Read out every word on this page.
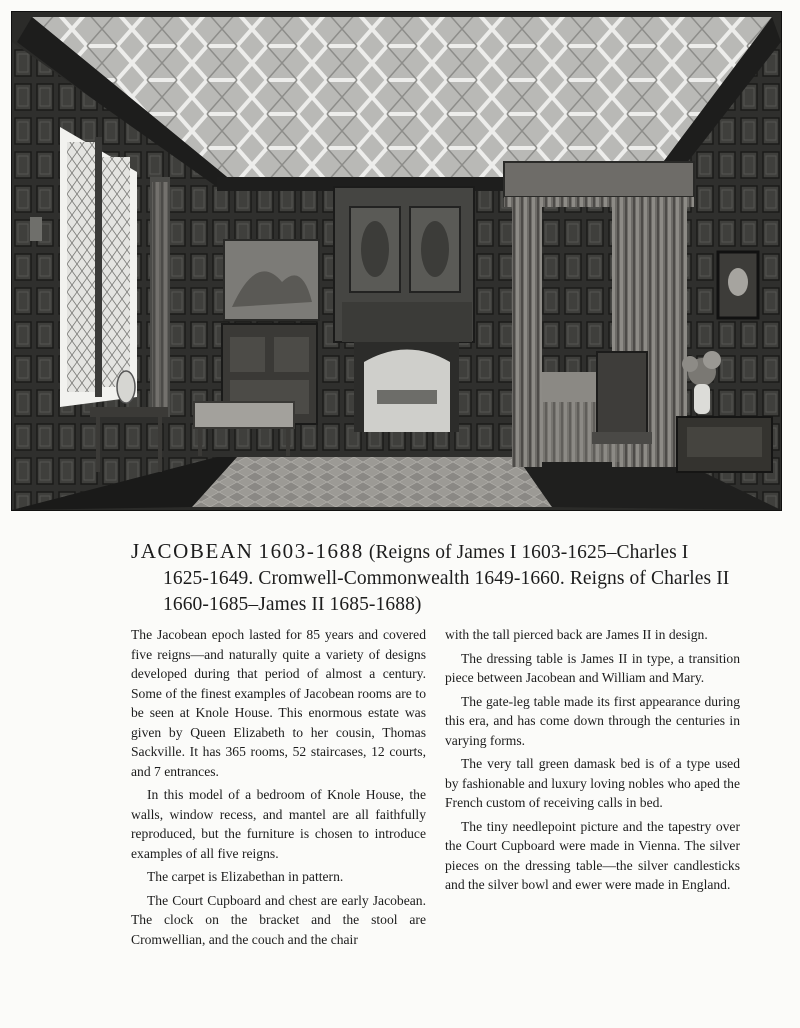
JACOBEAN 1603-1688 (Reigns of James I 1603-1625–Charles I
1625-1649. Cromwell-Commonwealth 1649-1660. Reigns of Charles II
1660-1685–James II 1685-1688)

The Jacobean epoch lasted for 85 years and covered five reigns—and naturally quite a variety of designs developed during that period of almost a century. Some of the finest examples of Jacobean rooms are to be seen at Knole House. This enormous estate was given by Queen Elizabeth to her cousin, Thomas Sackville. It has 365 rooms, 52 staircases, 12 courts, and 7 entrances.

In this model of a bedroom of Knole House, the walls, window recess, and mantel are all faithfully reproduced, but the furniture is chosen to introduce examples of all five reigns.

The carpet is Elizabethan in pattern.

The Court Cupboard and chest are early Jacobean. The clock on the bracket and the stool are Cromwellian, and the couch and the chair

with the tall pierced back are James II in design.

The dressing table is James II in type, a transition piece between Jacobean and William and Mary.

The gate-leg table made its first appearance during this era, and has come down through the centuries in varying forms.

The very tall green damask bed is of a type used by fashionable and luxury loving nobles who aped the French custom of receiving calls in bed.

The tiny needlepoint picture and the tapestry over the Court Cupboard were made in Vienna. The silver pieces on the dressing table—the silver candlesticks and the silver bowl and ewer were made in England.
